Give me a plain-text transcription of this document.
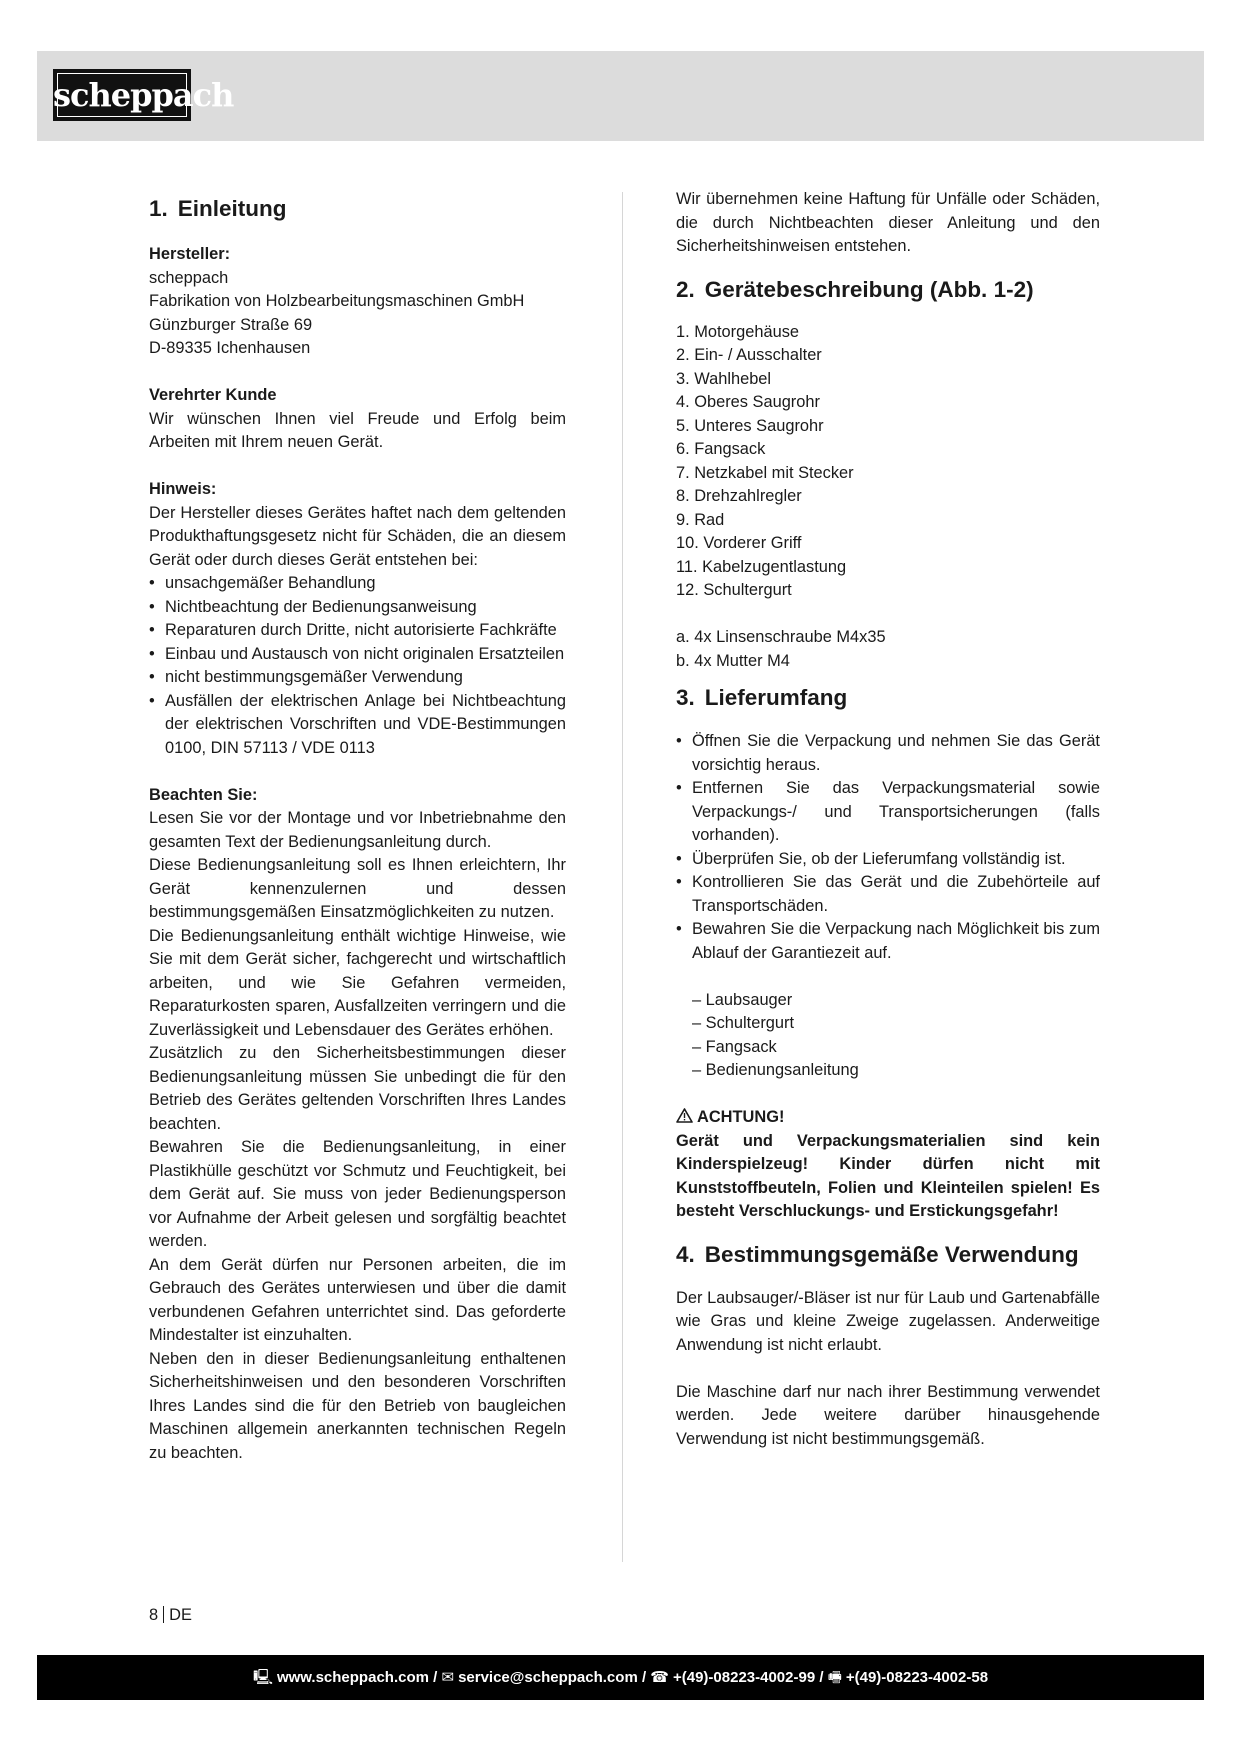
scheppach
1. Einleitung
Hersteller:
scheppach
Fabrikation von Holzbearbeitungsmaschinen GmbH
Günzburger Straße 69
D-89335 Ichenhausen
Verehrter Kunde

Wir wünschen Ihnen viel Freude und Erfolg beim Arbeiten mit Ihrem neuen Gerät.

Hinweis:

Der Hersteller dieses Gerätes haftet nach dem geltenden Produkthaftungsgesetz nicht für Schäden, die an diesem Gerät oder durch dieses Gerät entstehen bei:

• unsachgemäßer Behandlung
• Nichtbeachtung der Bedienungsanweisung
• Reparaturen durch Dritte, nicht autorisierte Fachkräfte
• Einbau und Austausch von nicht originalen Ersatzteilen
• nicht bestimmungsgemäßer Verwendung
• Ausfällen der elektrischen Anlage bei Nichtbeachtung der elektrischen Vorschriften und VDE-Bestimmungen 0100, DIN 57113 / VDE 0113
Beachten Sie:

Lesen Sie vor der Montage und vor Inbetriebnahme den gesamten Text der Bedienungsanleitung durch.

Diese Bedienungsanleitung soll es Ihnen erleichtern, Ihr Gerät kennenzulernen und dessen bestimmungsgemäßen Einsatzmöglichkeiten zu nutzen.

Die Bedienungsanleitung enthält wichtige Hinweise, wie Sie mit dem Gerät sicher, fachgerecht und wirtschaftlich arbeiten, und wie Sie Gefahren vermeiden, Reparaturkosten sparen, Ausfallzeiten verringern und die Zuverlässigkeit und Lebensdauer des Gerätes erhöhen.

Zusätzlich zu den Sicherheitsbestimmungen dieser Bedienungsanleitung müssen Sie unbedingt die für den Betrieb des Gerätes geltenden Vorschriften Ihres Landes beachten.

Bewahren Sie die Bedienungsanleitung, in einer Plastikhülle geschützt vor Schmutz und Feuchtigkeit, bei dem Gerät auf. Sie muss von jeder Bedienungsperson vor Aufnahme der Arbeit gelesen und sorgfältig beachtet werden.

An dem Gerät dürfen nur Personen arbeiten, die im Gebrauch des Gerätes unterwiesen und über die damit verbundenen Gefahren unterrichtet sind. Das geforderte Mindestalter ist einzuhalten.

Neben den in dieser Bedienungsanleitung enthaltenen Sicherheitshinweisen und den besonderen Vorschriften Ihres Landes sind die für den Betrieb von baugleichen Maschinen allgemein anerkannten technischen Regeln zu beachten.

Wir übernehmen keine Haftung für Unfälle oder Schäden, die durch Nichtbeachten dieser Anleitung und den Sicherheitshinweisen entstehen.

2. Gerätebeschreibung (Abb. 1-2)
1. Motorgehäuse
2. Ein- / Ausschalter
3. Wahlhebel
4. Oberes Saugrohr
5. Unteres Saugrohr
6. Fangsack
7. Netzkabel mit Stecker
8. Drehzahlregler
9. Rad
10. Vorderer Griff
11. Kabelzugentlastung
12. Schultergurt
a. 4x Linsenschraube M4x35
b. 4x Mutter M4
3. Lieferumfang
• Öffnen Sie die Verpackung und nehmen Sie das Gerät vorsichtig heraus.
• Entfernen Sie das Verpackungsmaterial sowie Verpackungs-/ und Transportsicherungen (falls vorhanden).
• Überprüfen Sie, ob der Lieferumfang vollständig ist.
• Kontrollieren Sie das Gerät und die Zubehörteile auf Transportschäden.
• Bewahren Sie die Verpackung nach Möglichkeit bis zum Ablauf der Garantiezeit auf.
– Laubsauger
– Schultergurt
– Fangsack
– Bedienungsanleitung
ACHTUNG!

Gerät und Verpackungsmaterialien sind kein Kinderspielzeug! Kinder dürfen nicht mit Kunststoffbeuteln, Folien und Kleinteilen spielen! Es besteht Verschluckungs- und Erstickungsgefahr!

4. Bestimmungsgemäße Verwendung

Der Laubsauger/-Bläser ist nur für Laub und Gartenabfälle wie Gras und kleine Zweige zugelassen. Anderweitige Anwendung ist nicht erlaubt.

Die Maschine darf nur nach ihrer Bestimmung verwendet werden. Jede weitere darüber hinausgehende Verwendung ist nicht bestimmungsgemäß.

8 DE
🖳 www.scheppach.com / ✉ service@scheppach.com / ☎ +(49)-08223-4002-99 / 🖷 +(49)-08223-4002-58
